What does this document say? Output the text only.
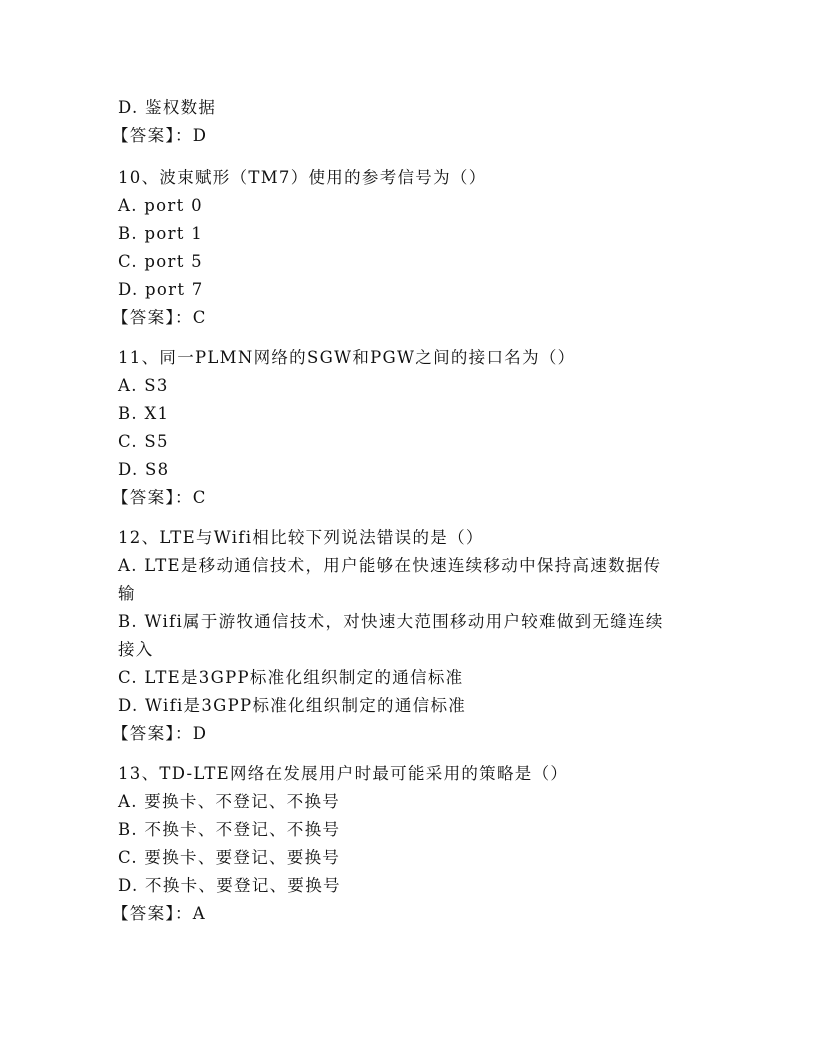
D. 鉴权数据
【答案】：D
10、波束赋形（TM7）使用的参考信号为（）
A. port 0
B. port 1
C. port 5
D. port 7
【答案】：C
11、同一PLMN网络的SGW和PGW之间的接口名为（）
A. S3
B. X1
C. S5
D. S8
【答案】：C
12、LTE与Wifi相比较下列说法错误的是（）
A. LTE是移动通信技术，用户能够在快速连续移动中保持高速数据传
输
B. Wifi属于游牧通信技术，对快速大范围移动用户较难做到无缝连续
接入
C. LTE是3GPP标准化组织制定的通信标准
D. Wifi是3GPP标准化组织制定的通信标准
【答案】：D
13、TD-LTE网络在发展用户时最可能采用的策略是（）
A. 要换卡、不登记、不换号
B. 不换卡、不登记、不换号
C. 要换卡、要登记、要换号
D. 不换卡、要登记、要换号
【答案】：A
